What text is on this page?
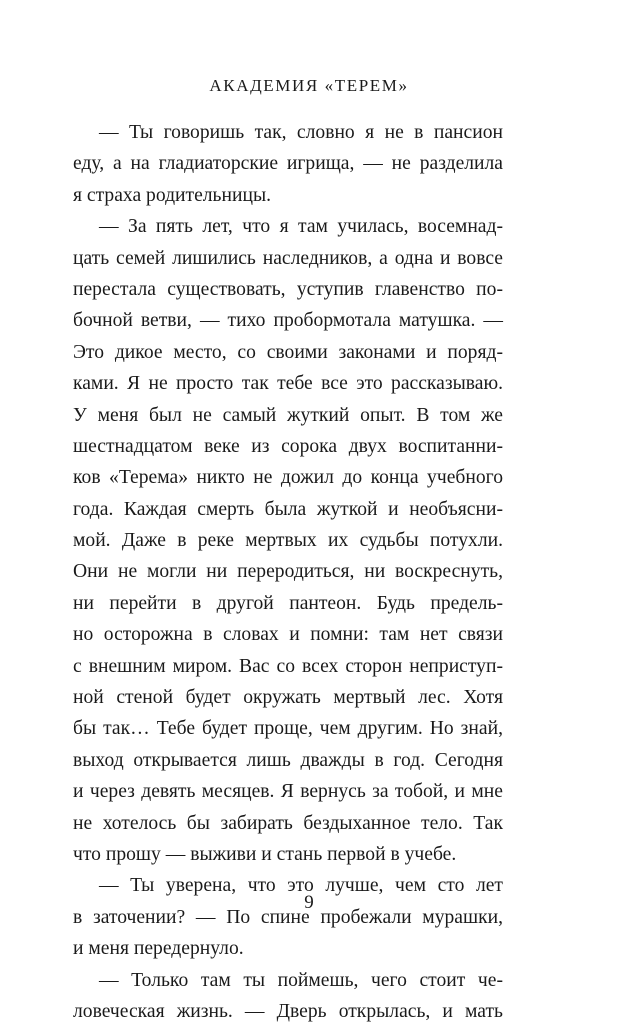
АКАДЕМИЯ «ТЕРЕМ»
— Ты говоришь так, словно я не в пансион
еду, а на гладиаторские игрища, — не разделила
я страха родительницы.
— За пять лет, что я там училась, восемнад-
цать семей лишились наследников, а одна и вовсе
перестала существовать, уступив главенство по-
бочной ветви, — тихо пробормотала матушка. —
Это дикое место, со своими законами и поряд-
ками. Я не просто так тебе все это рассказываю.
У меня был не самый жуткий опыт. В том же
шестнадцатом веке из сорока двух воспитанни-
ков «Терема» никто не дожил до конца учебного
года. Каждая смерть была жуткой и необъясни-
мой. Даже в реке мертвых их судьбы потухли.
Они не могли ни переродиться, ни воскреснуть,
ни перейти в другой пантеон. Будь предель-
но осторожна в словах и помни: там нет связи
с внешним миром. Вас со всех сторон неприступ-
ной стеной будет окружать мертвый лес. Хотя
бы так… Тебе будет проще, чем другим. Но знай,
выход открывается лишь дважды в год. Сегодня
и через девять месяцев. Я вернусь за тобой, и мне
не хотелось бы забирать бездыханное тело. Так
что прошу — выживи и стань первой в учебе.
— Ты уверена, что это лучше, чем сто лет
в заточении? — По спине пробежали мурашки,
и меня передернуло.
— Только там ты поймешь, чего стоит че-
ловеческая жизнь. — Дверь открылась, и мать
9
